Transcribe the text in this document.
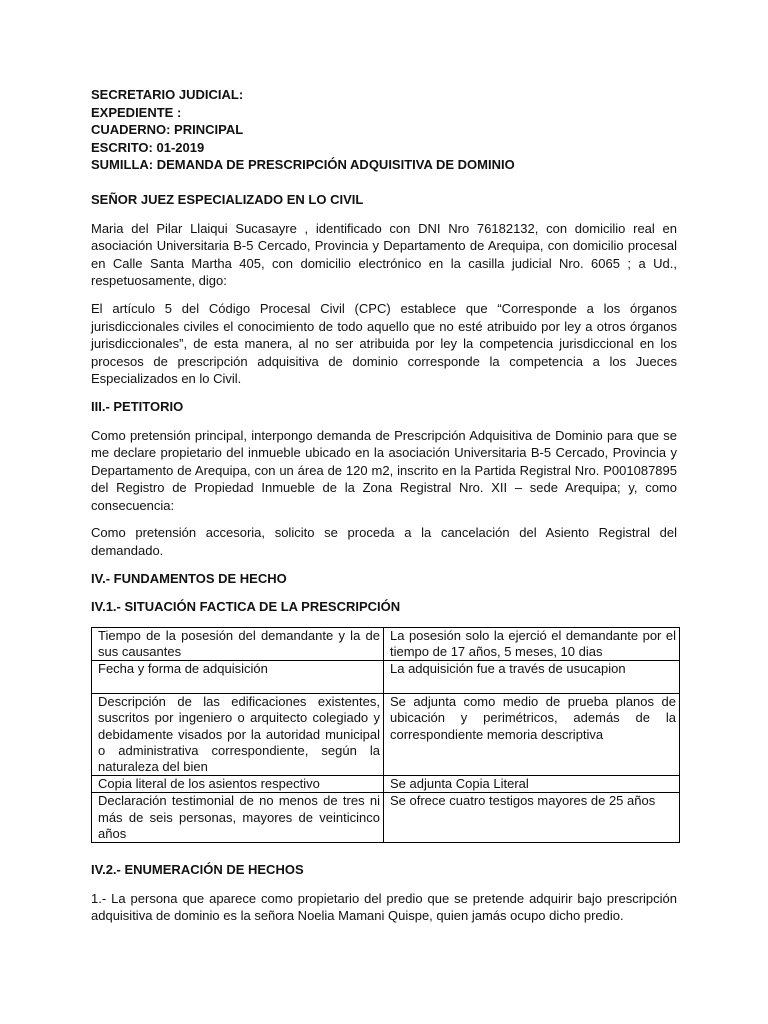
SECRETARIO JUDICIAL:
EXPEDIENTE :
CUADERNO: PRINCIPAL
ESCRITO: 01-2019
SUMILLA: DEMANDA DE PRESCRIPCIÓN ADQUISITIVA DE DOMINIO
SEÑOR JUEZ ESPECIALIZADO EN LO CIVIL

Maria del Pilar Llaiqui Sucasayre , identificado con DNI Nro 76182132, con domicilio real en asociación Universitaria B-5 Cercado, Provincia y Departamento de Arequipa, con domicilio procesal en Calle Santa Martha 405, con domicilio electrónico en la casilla judicial Nro. 6065 ; a Ud., respetuosamente, digo:

El artículo 5 del Código Procesal Civil (CPC) establece que “Corresponde a los órganos jurisdiccionales civiles el conocimiento de todo aquello que no esté atribuido por ley a otros órganos jurisdiccionales”, de esta manera, al no ser atribuida por ley la competencia jurisdiccional en los procesos de prescripción adquisitiva de dominio corresponde la competencia a los Jueces Especializados en lo Civil.

III.- PETITORIO

Como pretensión principal, interpongo demanda de Prescripción Adquisitiva de Dominio para que se me declare propietario del inmueble ubicado en la asociación Universitaria B-5 Cercado, Provincia y Departamento de Arequipa, con un área de 120 m2, inscrito en la Partida Registral Nro. P001087895 del Registro de Propiedad Inmueble de la Zona Registral Nro. XII – sede Arequipa; y, como consecuencia:

Como pretensión accesoria, solicito se proceda a la cancelación del Asiento Registral del demandado.

IV.- FUNDAMENTOS DE HECHO
IV.1.- SITUACIÓN FACTICA DE LA PRESCRIPCIÓN
Tiempo de la posesión del demandante y la de sus causantes	La posesión solo la ejerció el demandante por el tiempo de 17 años, 5 meses, 10 dias
Fecha y forma de adquisición	La adquisición fue a través de usucapion
Descripción de las edificaciones existentes, suscritos por ingeniero o arquitecto colegiado y debidamente visados por la autoridad municipal o administrativa correspondiente, según la naturaleza del bien	Se adjunta como medio de prueba planos de ubicación y perimétricos, además de la correspondiente memoria descriptiva
Copia literal de los asientos respectivo	Se adjunta Copia Literal
Declaración testimonial de no menos de tres ni más de seis personas, mayores de veinticinco años	Se ofrece cuatro testigos mayores de 25 años
IV.2.- ENUMERACIÓN DE HECHOS

1.- La persona que aparece como propietario del predio que se pretende adquirir bajo prescripción adquisitiva de dominio es la señora Noelia Mamani Quispe, quien jamás ocupo dicho predio.
